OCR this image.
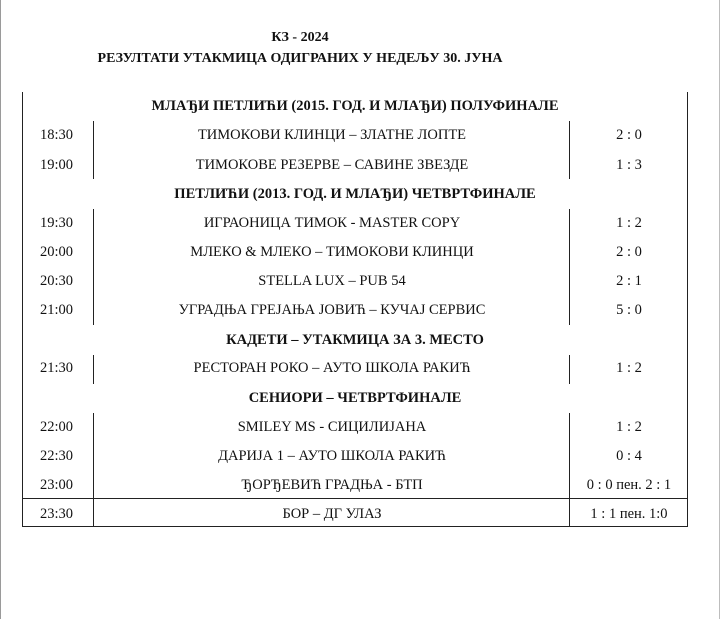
КЗ - 2024
РЕЗУЛТАТИ УТАКМИЦА ОДИГРАНИХ У НЕДЕЉУ 30. ЈУНА
МЛАЂИ ПЕТЛИЋИ (2015. ГОД. И МЛАЂИ) ПОЛУФИНАЛЕ
18:30	ТИМОКОВИ КЛИНЦИ – ЗЛАТНЕ ЛОПТЕ	2 : 0
19:00	ТИМОКОВЕ РЕЗЕРВЕ – САВИНЕ ЗВЕЗДЕ	1 : 3
ПЕТЛИЋИ (2013. ГОД. И МЛАЂИ) ЧЕТВРТФИНАЛЕ
19:30	ИГРАОНИЦА ТИМОК - MASTER COPY	1 : 2
20:00	МЛЕКО & МЛЕКО – ТИМОКОВИ КЛИНЦИ	2 : 0
20:30	STELLA LUX – PUB 54	2 : 1
21:00	УГРАДЊА ГРЕЈАЊА ЈОВИЋ – КУЧАЈ СЕРВИС	5 : 0
КАДЕТИ – УТАКМИЦА ЗА 3. МЕСТО
21:30	РЕСТОРАН РОКО – АУТО ШКОЛА РАКИЋ	1 : 2
СЕНИОРИ – ЧЕТВРТФИНАЛЕ
22:00	SMILEY MS - СИЦИЛИЈАНА	1 : 2
22:30	ДАРИЈА 1 – АУТО ШКОЛА РАКИЋ	0 : 4
23:00	ЂОРЂЕВИЋ ГРАДЊА - БТП	0 : 0 пен. 2 : 1
23:30	БОР – ДГ УЛАЗ	1 : 1 пен. 1:0
